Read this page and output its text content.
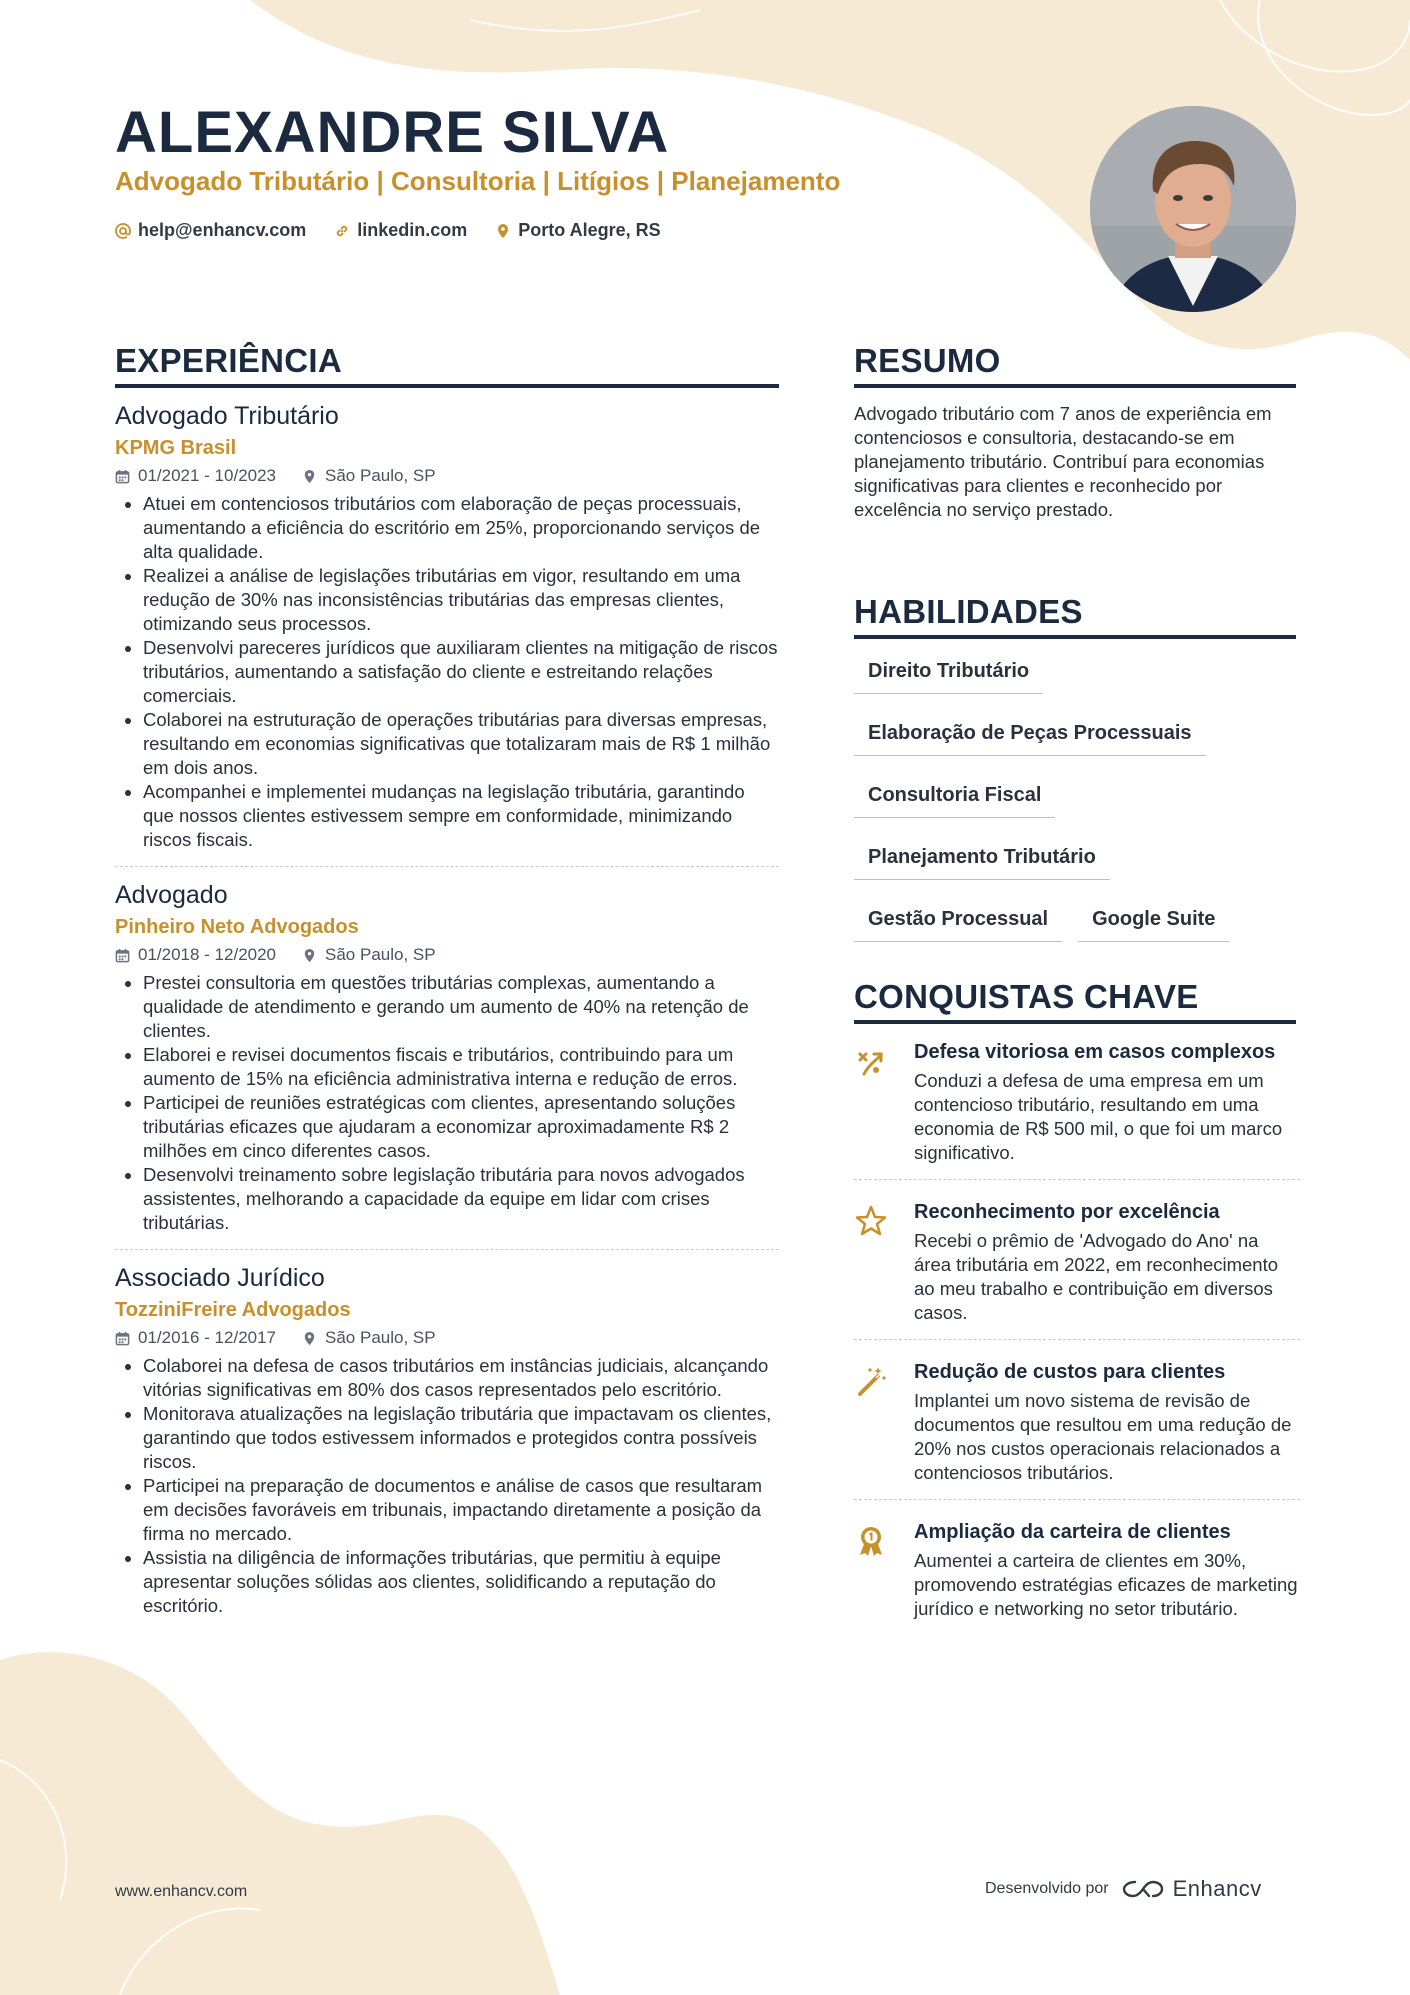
ALEXANDRE SILVA
Advogado Tributário | Consultoria | Litígios | Planejamento
help@enhancv.com	linkedin.com	Porto Alegre, RS
EXPERIÊNCIA
Advogado Tributário
KPMG Brasil
01/2021 - 10/2023	São Paulo, SP
• Atuei em contenciosos tributários com elaboração de peças processuais, aumentando a eficiência do escritório em 25%, proporcionando serviços de alta qualidade.
• Realizei a análise de legislações tributárias em vigor, resultando em uma redução de 30% nas inconsistências tributárias das empresas clientes, otimizando seus processos.
• Desenvolvi pareceres jurídicos que auxiliaram clientes na mitigação de riscos tributários, aumentando a satisfação do cliente e estreitando relações comerciais.
• Colaborei na estruturação de operações tributárias para diversas empresas, resultando em economias significativas que totalizaram mais de R$ 1 milhão em dois anos.
• Acompanhei e implementei mudanças na legislação tributária, garantindo que nossos clientes estivessem sempre em conformidade, minimizando riscos fiscais.
Advogado
Pinheiro Neto Advogados
01/2018 - 12/2020	São Paulo, SP
• Prestei consultoria em questões tributárias complexas, aumentando a qualidade de atendimento e gerando um aumento de 40% na retenção de clientes.
• Elaborei e revisei documentos fiscais e tributários, contribuindo para um aumento de 15% na eficiência administrativa interna e redução de erros.
• Participei de reuniões estratégicas com clientes, apresentando soluções tributárias eficazes que ajudaram a economizar aproximadamente R$ 2 milhões em cinco diferentes casos.
• Desenvolvi treinamento sobre legislação tributária para novos advogados assistentes, melhorando a capacidade da equipe em lidar com crises tributárias.
Associado Jurídico
TozziniFreire Advogados
01/2016 - 12/2017	São Paulo, SP
• Colaborei na defesa de casos tributários em instâncias judiciais, alcançando vitórias significativas em 80% dos casos representados pelo escritório.
• Monitorava atualizações na legislação tributária que impactavam os clientes, garantindo que todos estivessem informados e protegidos contra possíveis riscos.
• Participei na preparação de documentos e análise de casos que resultaram em decisões favoráveis em tribunais, impactando diretamente a posição da firma no mercado.
• Assistia na diligência de informações tributárias, que permitiu à equipe apresentar soluções sólidas aos clientes, solidificando a reputação do escritório.
RESUMO

Advogado tributário com 7 anos de experiência em contenciosos e consultoria, destacando-se em planejamento tributário. Contribuí para economias significativas para clientes e reconhecido por excelência no serviço prestado.

HABILIDADES
Direito Tributário
Elaboração de Peças Processuais
Consultoria Fiscal
Planejamento Tributário
Gestão Processual	Google Suite
CONQUISTAS CHAVE
Defesa vitoriosa em casos complexos
Conduzi a defesa de uma empresa em um contencioso tributário, resultando em uma economia de R$ 500 mil, o que foi um marco significativo.
Reconhecimento por excelência
Recebi o prêmio de 'Advogado do Ano' na área tributária em 2022, em reconhecimento ao meu trabalho e contribuição em diversos casos.
Redução de custos para clientes
Implantei um novo sistema de revisão de documentos que resultou em uma redução de 20% nos custos operacionais relacionados a contenciosos tributários.
Ampliação da carteira de clientes
Aumentei a carteira de clientes em 30%, promovendo estratégias eficazes de marketing jurídico e networking no setor tributário.
www.enhancv.com	Desenvolvido por	Enhancv
